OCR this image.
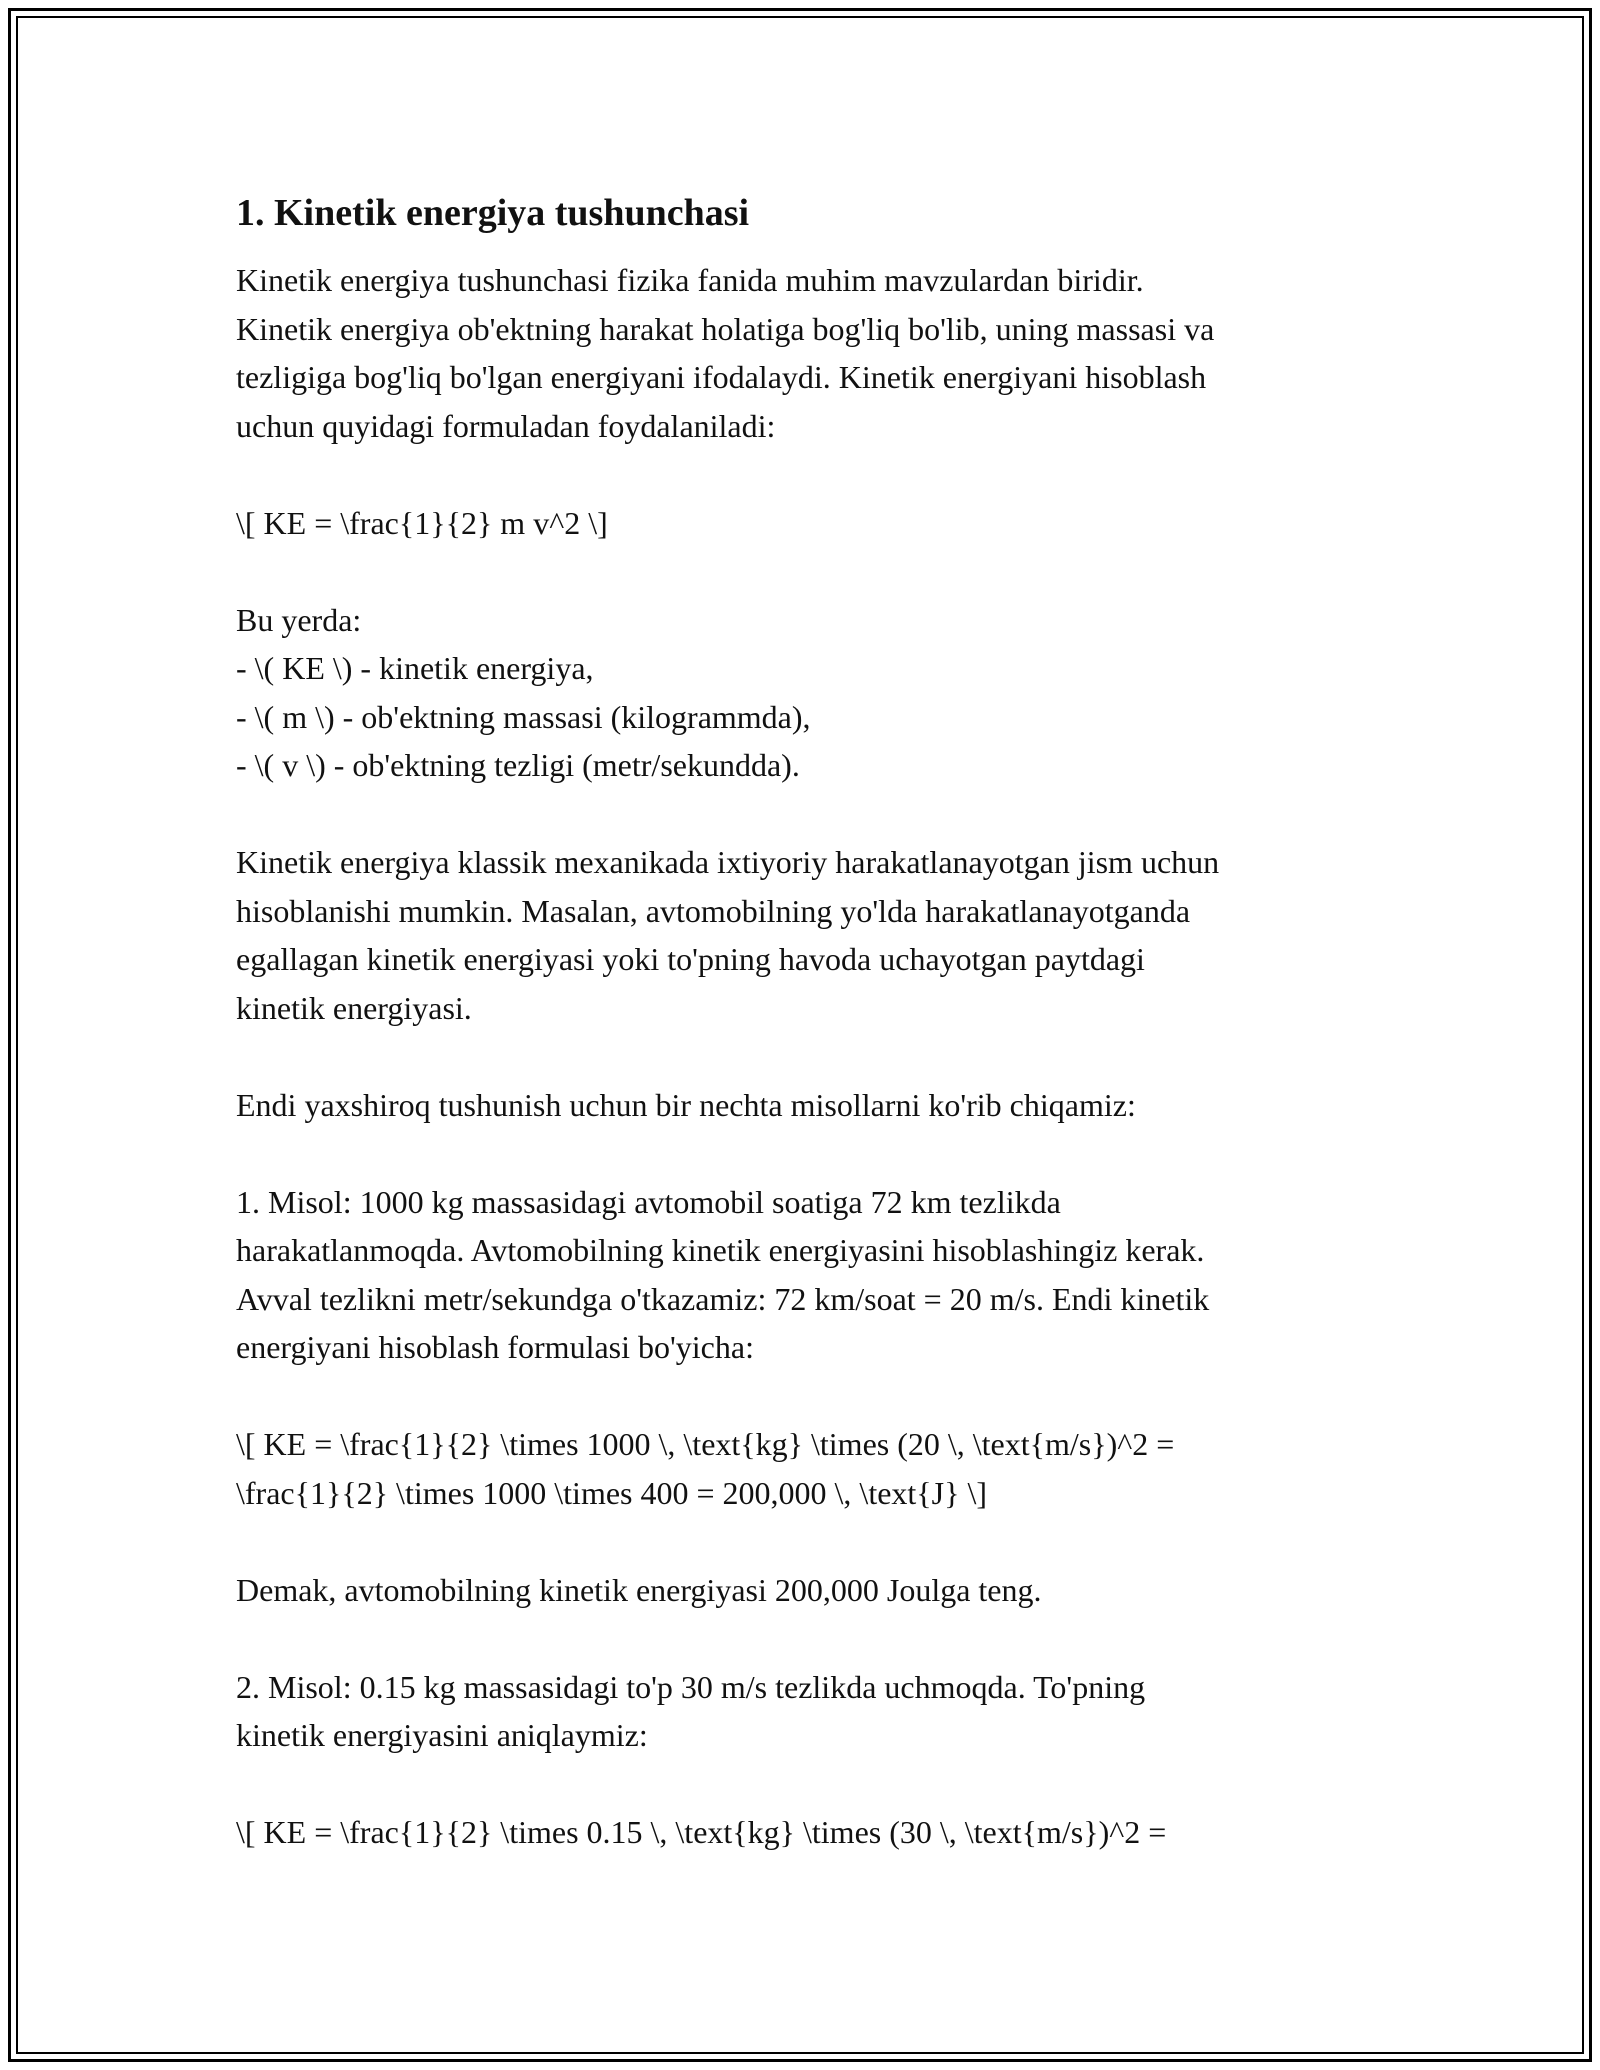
1. Kinetik energiya tushunchasi

Kinetik energiya tushunchasi fizika fanida muhim mavzulardan biridir.
Kinetik energiya ob'ektning harakat holatiga bog'liq bo'lib, uning massasi va
tezligiga bog'liq bo'lgan energiyani ifodalaydi. Kinetik energiyani hisoblash
uchun quyidagi formuladan foydalaniladi:

\[ KE = \frac{1}{2} m v^2 \]

Bu yerda:
- \( KE \) - kinetik energiya,
- \( m \) - ob'ektning massasi (kilogrammda),
- \( v \) - ob'ektning tezligi (metr/sekundda).

Kinetik energiya klassik mexanikada ixtiyoriy harakatlanayotgan jism uchun
hisoblanishi mumkin. Masalan, avtomobilning yo'lda harakatlanayotganda
egallagan kinetik energiyasi yoki to'pning havoda uchayotgan paytdagi
kinetik energiyasi.

Endi yaxshiroq tushunish uchun bir nechta misollarni ko'rib chiqamiz:

1. Misol: 1000 kg massasidagi avtomobil soatiga 72 km tezlikda
harakatlanmoqda. Avtomobilning kinetik energiyasini hisoblashingiz kerak.
Avval tezlikni metr/sekundga o'tkazamiz: 72 km/soat = 20 m/s. Endi kinetik
energiyani hisoblash formulasi bo'yicha:

\[ KE = \frac{1}{2} \times 1000 \, \text{kg} \times (20 \, \text{m/s})^2 =
\frac{1}{2} \times 1000 \times 400 = 200,000 \, \text{J} \]

Demak, avtomobilning kinetik energiyasi 200,000 Joulga teng.

2. Misol: 0.15 kg massasidagi to'p 30 m/s tezlikda uchmoqda. To'pning
kinetik energiyasini aniqlaymiz:

\[ KE = \frac{1}{2} \times 0.15 \, \text{kg} \times (30 \, \text{m/s})^2 =
